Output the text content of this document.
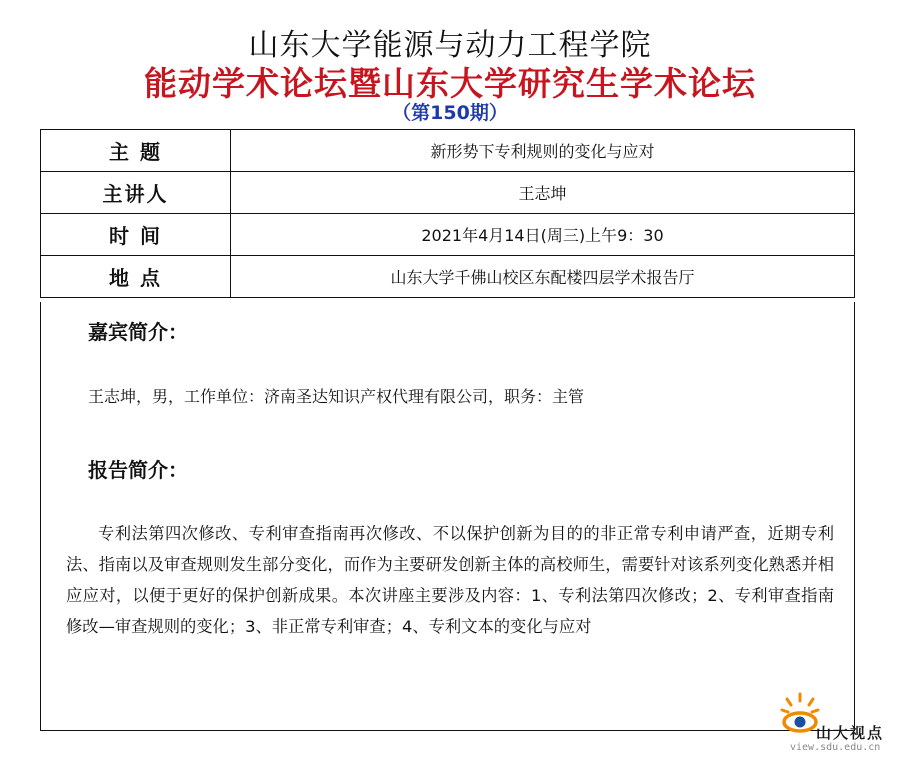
山东大学能源与动力工程学院
能动学术论坛暨山东大学研究生学术论坛
（第150期）
主 题	新形势下专利规则的变化与应对
主讲人	王志坤
时 间	2021年4月14日(周三)上午9：30
地 点	山东大学千佛山校区东配楼四层学术报告厅
嘉宾简介：
王志坤，男，工作单位：济南圣达知识产权代理有限公司，职务：主管
报告简介：
专利法第四次修改、专利审查指南再次修改、不以保护创新为目的的非正常专利申请严查，近期专利法、指南以及审查规则发生部分变化，而作为主要研发创新主体的高校师生，需要针对该系列变化熟悉并相应应对，以便于更好的保护创新成果。本次讲座主要涉及内容：1、专利法第四次修改；2、专利审查指南修改—审查规则的变化；3、非正常专利审查；4、专利文本的变化与应对
山大视点
view.sdu.edu.cn
